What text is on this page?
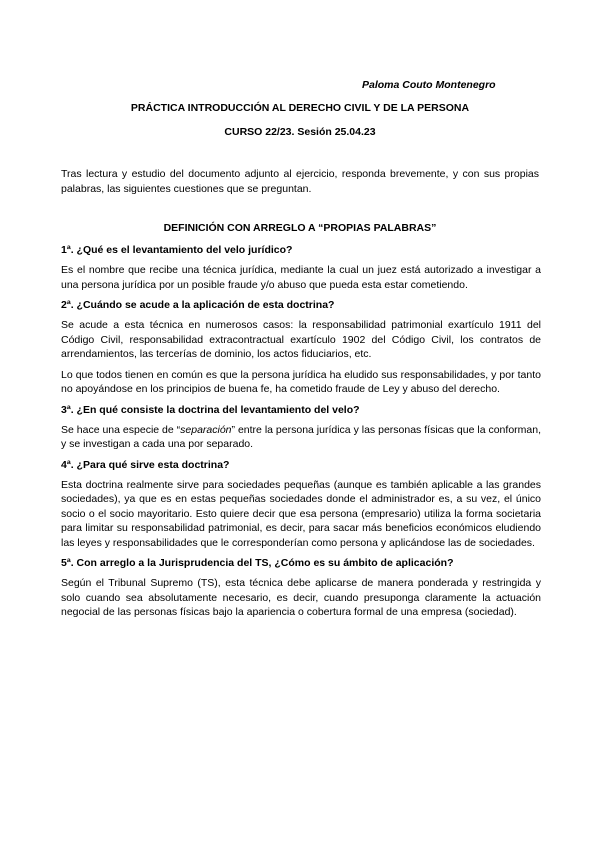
Paloma Couto Montenegro
PRÁCTICA INTRODUCCIÓN AL DERECHO CIVIL Y DE LA PERSONA
CURSO 22/23. Sesión 25.04.23
Tras lectura y estudio del documento adjunto al ejercicio, responda brevemente, y con sus propias palabras, las siguientes cuestiones que se preguntan.
DEFINICIÓN CON ARREGLO A “PROPIAS PALABRAS”
1ª. ¿Qué es el levantamiento del velo jurídico?
Es el nombre que recibe una técnica jurídica, mediante la cual un juez está autorizado a investigar a una persona jurídica por un posible fraude y/o abuso que pueda esta estar cometiendo.
2ª. ¿Cuándo se acude a la aplicación de esta doctrina?
Se acude a esta técnica en numerosos casos: la responsabilidad patrimonial exartículo 1911 del Código Civil, responsabilidad extracontractual exartículo 1902 del Código Civil, los contratos de arrendamientos, las tercerías de dominio, los actos fiduciarios, etc.
Lo que todos tienen en común es que la persona jurídica ha eludido sus responsabilidades, y por tanto no apoyándose en los principios de buena fe, ha cometido fraude de Ley y abuso del derecho.
3ª. ¿En qué consiste la doctrina del levantamiento del velo?
Se hace una especie de “separación” entre la persona jurídica y las personas físicas que la conforman, y se investigan a cada una por separado.
4ª. ¿Para qué sirve esta doctrina?
Esta doctrina realmente sirve para sociedades pequeñas (aunque es también aplicable a las grandes sociedades), ya que es en estas pequeñas sociedades donde el administrador es, a su vez, el único socio o el socio mayoritario. Esto quiere decir que esa persona (empresario) utiliza la forma societaria para limitar su responsabilidad patrimonial, es decir, para sacar más beneficios económicos eludiendo las leyes y responsabilidades que le corresponderían como persona y aplicándose las de sociedades.
5ª. Con arreglo a la Jurisprudencia del TS, ¿Cómo es su ámbito de aplicación?
Según el Tribunal Supremo (TS), esta técnica debe aplicarse de manera ponderada y restringida y solo cuando sea absolutamente necesario, es decir, cuando presuponga claramente la actuación negocial de las personas físicas bajo la apariencia o cobertura formal de una empresa (sociedad).
